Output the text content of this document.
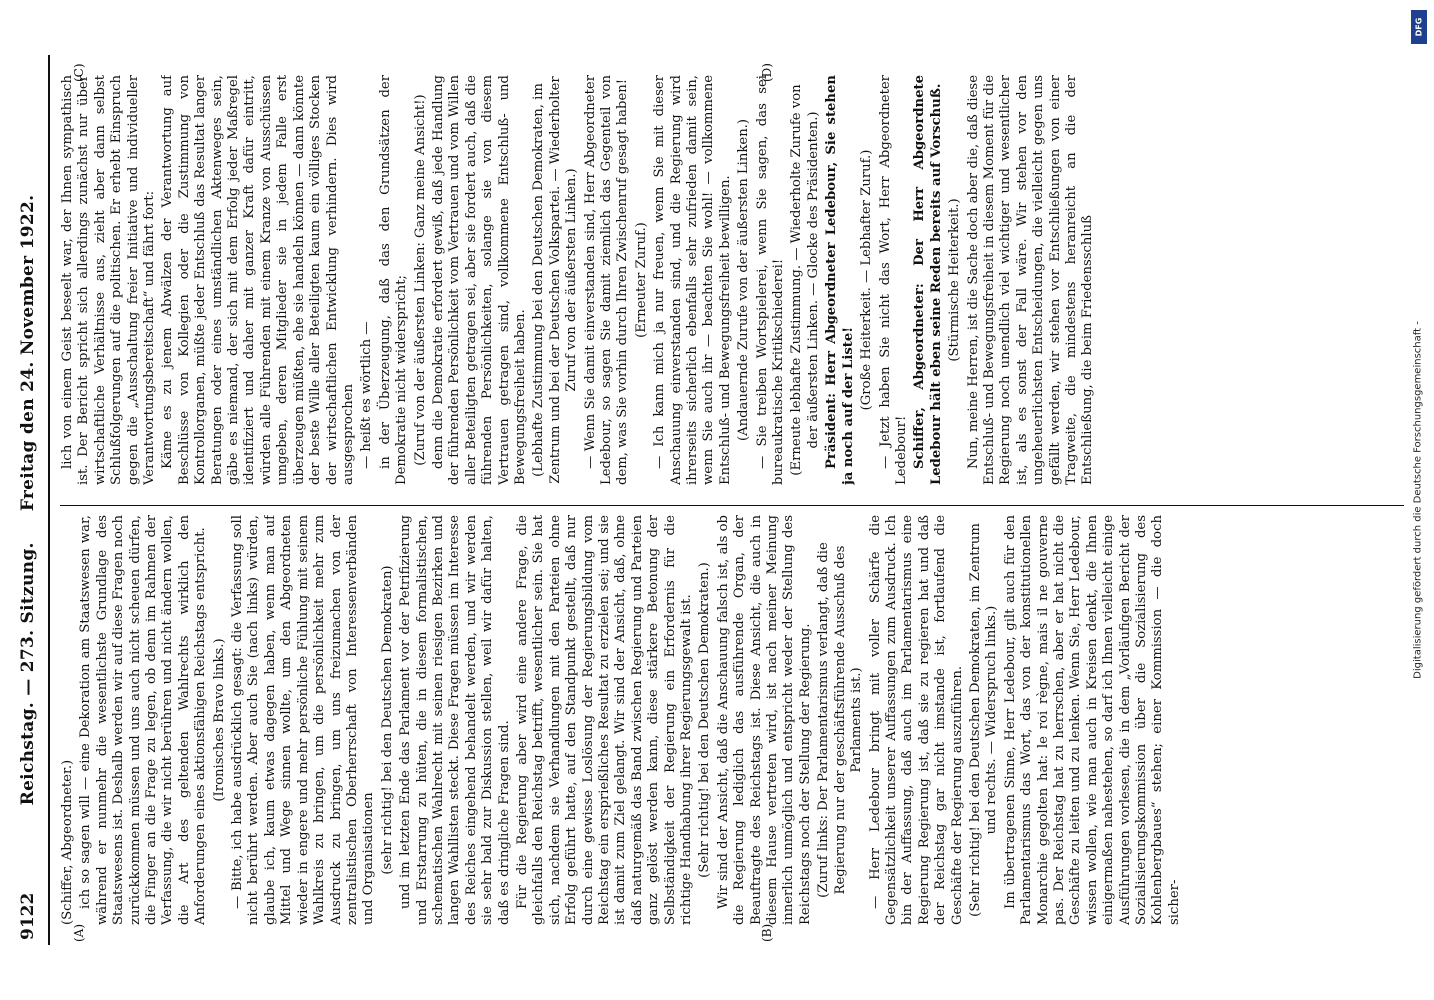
9122
Reichstag. — 273. Sitzung.     Freitag den 24. November 1922.
(A)	(B)
(C)	(D)

(Schiffer, Abgeordneter.) ich so sagen will — eine Dekoration am Staatswesen war, während er nunmehr die wesentlichste Grundlage des Staatswesens ist. Deshalb werden wir auf diese Fragen noch zurückkommen müssen und uns auch nicht scheuen dürfen, die Finger an die Frage zu legen, ob denn im Rahmen der Verfassung, die wir nicht berühren und nicht ändern wollen, die Art des geltenden Wahlrechts wirklich den Anforderungen eines aktionsfähigen Reichstags entspricht. (Ironisches Bravo links.) — Bitte, ich habe ausdrücklich gesagt: die Verfassung soll nicht berührt werden. Aber auch Sie (nach links) würden, glaube ich, kaum etwas dagegen haben, wenn man auf Mittel und Wege sinnen wollte, um den Abgeordneten wieder in engere und mehr persönliche Fühlung mit seinem Wahlkreis zu bringen, um die persönlichkeit mehr zum Ausdruck zu bringen, um uns freizumachen von der zentralistischen Oberherrschaft von Interessenverbänden und Organisationen (sehr richtig! bei den Deutschen Demokraten) und im letzten Ende das Parlament vor der Petrifizierung und Erstarrung zu hüten, die in diesem formalistischen, schematischen Wahlrecht mit seinen riesigen Bezirken und langen Wahllisten steckt. Diese Fragen müssen im Interesse des Reiches eingehend behandelt werden, und wir werden sie sehr bald zur Diskussion stellen, weil wir dafür halten, daß es dringliche Fragen sind. Für die Regierung aber wird eine andere Frage, die gleichfalls den Reichstag betrifft, wesentlicher sein. Sie hat sich, nachdem sie Verhandlungen mit den Parteien ohne Erfolg geführt hatte, auf den Standpunkt gestellt, daß nur durch eine gewisse Loslösung der Regierungsbildung vom Reichstag ein ersprießliches Resultat zu erzielen sei; und sie ist damit zum Ziel gelangt. Wir sind der Ansicht, daß, ohne daß naturgemäß das Band zwischen Regierung und Parteien ganz gelöst werden kann, diese stärkere Betonung der Selbständigkeit der Regierung ein Erfordernis für die richtige Handhabung ihrer Regierungsgewalt ist. (Sehr richtig! bei den Deutschen Demokraten.) Wir sind der Ansicht, daß die Anschauung falsch ist, als ob die Regierung lediglich das ausführende Organ, der Beauftragte des Reichstags ist. Diese Ansicht, die auch in diesem Hause vertreten wird, ist nach meiner Meinung innerlich unmöglich und entspricht weder der Stellung des Reichstags noch der Stellung der Regierung. (Zuruf links: Der Parlamentarismus verlangt, daß die Regierung nur der geschäftsführende Ausschuß des Parlaments ist.) — Herr Ledebour bringt mit voller Schärfe die Gegensätzlichkeit unserer Auffassungen zum Ausdruck. Ich bin der Auffassung, daß auch im Parlamentarismus eine Regierung Regierung ist, daß sie zu regieren hat und daß der Reichstag gar nicht imstande ist, fortlaufend die Geschäfte der Regierung auszuführen. (Sehr richtig! bei den Deutschen Demokraten, im Zentrum und rechts. — Widerspruch links.) Im übertragenen Sinne, Herr Ledebour, gilt auch für den Parlamentarismus das Wort, das von der konstitutionellen Monarchie gegolten hat: le roi règne, mais il ne gouverne pas. Der Reichstag hat zu herrschen, aber er hat nicht die Geschäfte zu leiten und zu lenken. Wenn Sie, Herr Ledebour, wissen wollen, wie man auch in Kreisen denkt, die Ihnen einigermaßen nahestehen, so darf ich Ihnen vielleicht einige Ausführungen vorlesen, die in dem „Vorläufigen Bericht der Sozialisierungskommission über die Sozialisierung des Kohlenbergbaues“ stehen; einer Kommission — die doch sicher-

lich von einem Geist beseelt war, der Ihnen sympathisch ist. Der Bericht spricht sich allerdings zunächst nur über wirtschaftliche Verhältnisse aus, zieht aber dann selbst Schlußfolgerungen auf die politischen. Er erhebt Einspruch gegen die „Ausschaltung freier Initiative und individueller Verantwortungsbereitschaft“ und fährt fort: Käme es zu jenem Abwälzen der Verantwortung auf Beschlüsse von Kollegien oder die Zustimmung von Kontrollorganen, müßte jeder Entschluß das Resultat langer Beratungen oder eines umständlichen Aktenweges sein, gäbe es niemand, der sich mit dem Erfolg jeder Maßregel identifiziert und daher mit ganzer Kraft dafür eintritt, würden alle Führenden mit einem Kranze von Ausschüssen umgeben, deren Mitglieder sie in jedem Falle erst überzeugen müßten, ehe sie handeln können — dann könnte der beste Wille aller Beteiligten kaum ein völliges Stocken der wirtschaftlichen Entwicklung verhindern. Dies wird ausgesprochen — heißt es wörtlich — in der Überzeugung, daß das den Grundsätzen der Demokratie nicht widerspricht; (Zuruf von der äußersten Linken: Ganz meine Ansicht!) denn die Demokratie erfordert gewiß, daß jede Handlung der führenden Persönlichkeit vom Vertrauen und vom Willen aller Beteiligten getragen sei, aber sie fordert auch, daß die führenden Persönlichkeiten, solange sie von diesem Vertrauen getragen sind, vollkommene Entschluß- und Bewegungsfreiheit haben. (Lebhafte Zustimmung bei den Deutschen Demokraten, im Zentrum und bei der Deutschen Volkspartei. — Wiederholter Zuruf von der äußersten Linken.) — Wenn Sie damit einverstanden sind, Herr Abgeordneter Ledebour, so sagen Sie damit ziemlich das Gegenteil von dem, was Sie vorhin durch Ihren Zwischenruf gesagt haben! (Erneuter Zuruf.) — Ich kann mich ja nur freuen, wenn Sie mit dieser Anschauung einverstanden sind, und die Regierung wird ihrerseits sicherlich ebenfalls sehr zufrieden damit sein, wenn Sie auch ihr — beachten Sie wohl! — vollkommene Entschluß- und Bewegungsfreiheit bewilligen. (Andauernde Zurufe von der äußersten Linken.) — Sie treiben Wortspielerei, wenn Sie sagen, das sei bureaukratische Kritikschiederei! (Erneute lebhafte Zustimmung. — Wiederholte Zurufe von der äußersten Linken. — Glocke des Präsidenten.) Präsident: Herr Abgeordneter Ledebour, Sie stehen ja noch auf der Liste! (Große Heiterkeit. — Lebhafter Zuruf.) — Jetzt haben Sie nicht das Wort, Herr Abgeordneter Ledebour! Schiffer, Abgeordneter: Der Herr Abgeordnete Ledebour hält eben seine Reden bereits auf Vorschuß. (Stürmische Heiterkeit.) Nun, meine Herren, ist die Sache doch aber die, daß diese Entschluß- und Bewegungsfreiheit in diesem Moment für die Regierung noch unendlich viel wichtiger und wesentlicher ist, als es sonst der Fall wäre. Wir stehen vor den ungeheuerlichsten Entscheidungen, die vielleicht gegen uns gefällt werden, wir stehen vor Entschließungen von einer Tragweite, die mindestens heranreicht an die der Entschließung, die beim Friedensschluß	Digitalisierung gefördert durch die Deutsche Forschungsgemeinschaft -
DFG
